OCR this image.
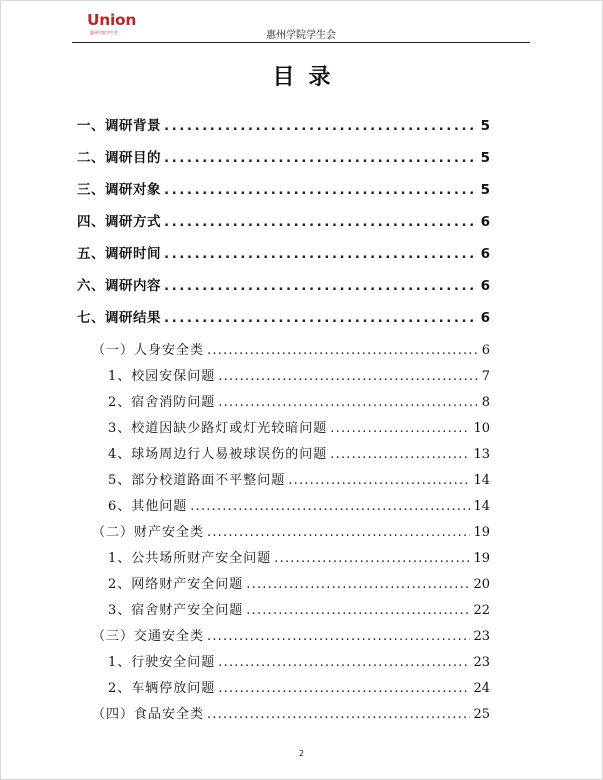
Union
惠州学院学生会	惠州学院学生会
目录
一、调研背景 .....	5
二、调研目的 .....	5
三、调研对象 .....	5
四、调研方式 .....	6
五、调研时间 .....	6
六、调研内容 .....	6
七、调研结果 .....	6
（一）人身安全类 .....	6
1、校园安保问题 .....	7
2、宿舍消防问题 .....	8
3、校道因缺少路灯或灯光较暗问题 .....	10
4、球场周边行人易被球误伤的问题 .....	13
5、部分校道路面不平整问题 .....	14
6、其他问题 .....	14
（二）财产安全类 .....	19
1、公共场所财产安全问题 .....	19
2、网络财产安全问题 .....	20
3、宿舍财产安全问题 .....	22
（三）交通安全类 .....	23
1、行驶安全问题 .....	23
2、车辆停放问题 .....	24
（四）食品安全类 .....	25
2
